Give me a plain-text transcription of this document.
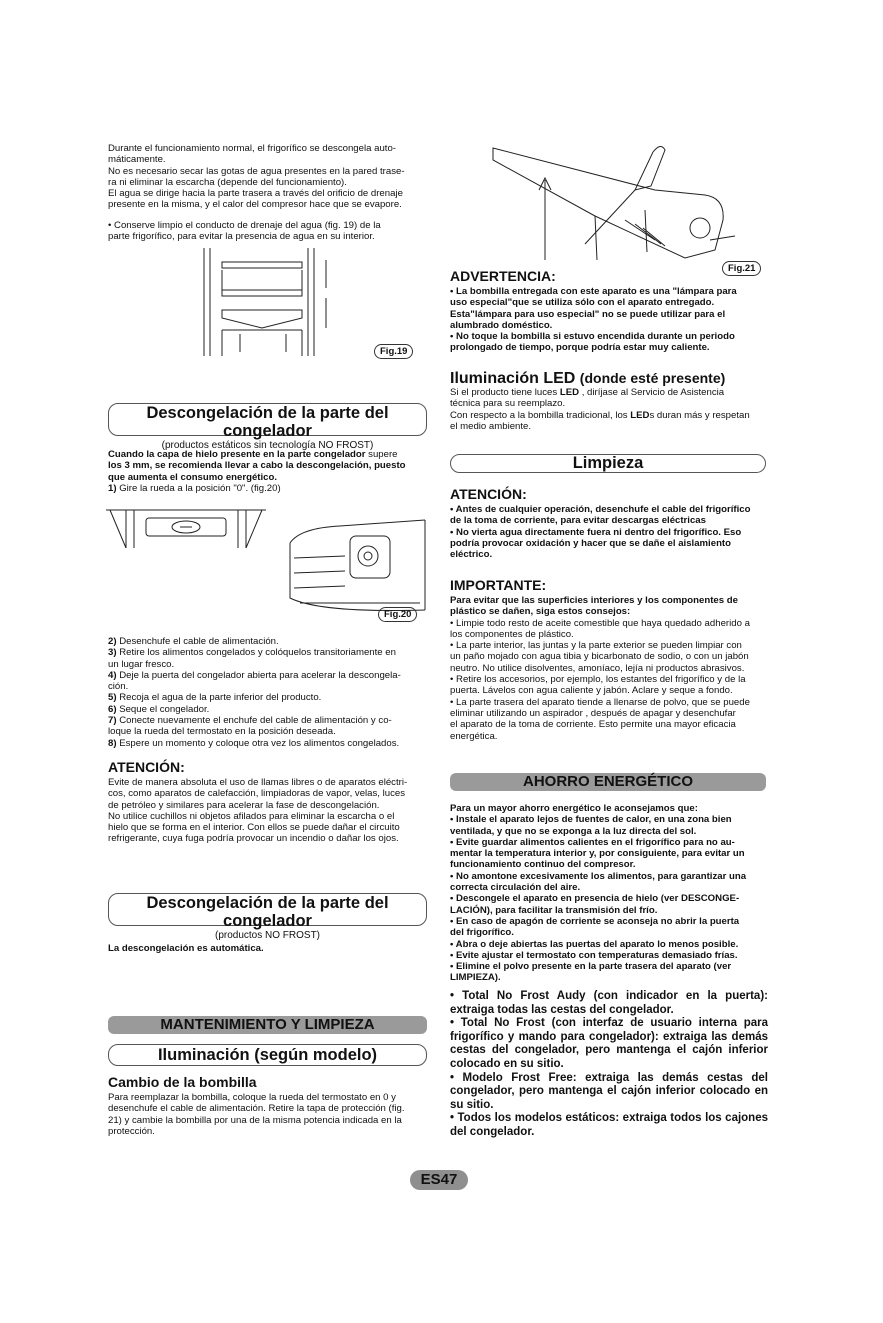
Durante el funcionamiento normal, el frigorífico se descongela auto-

máticamente.

No es necesario secar las gotas de agua presentes en la pared trase-

ra ni eliminar la escarcha (depende del funcionamiento).

El agua se dirige hacia la parte trasera a través del orificio de drenaje

presente en la misma, y el calor del compresor hace que se evapore.

• Conserve limpio el conducto de drenaje del agua (fig. 19) de la

parte frigorífico, para evitar la presencia de agua en su interior.

Fig.19
Descongelación de la parte del congelador
(productos estáticos sin tecnología NO FROST)

Cuando la capa de hielo presente en la parte congelador supere

los 3 mm, se recomienda llevar a cabo la descongelación, puesto

que aumenta el consumo energético.

1) Gire la rueda a la posición "0". (fig.20)

Fig.20

2) Desenchufe el cable de alimentación.

3) Retire los alimentos congelados y colóquelos transitoriamente en

un lugar fresco.

4) Deje la puerta del congelador abierta para acelerar la descongela-

ción.

5) Recoja el agua de la parte inferior del producto.

6) Seque el congelador.

7) Conecte nuevamente el enchufe del cable de alimentación y co-

loque la rueda del termostato en la posición deseada.

8) Espere un momento y coloque otra vez los alimentos congelados.

ATENCIÓN:

Evite de manera absoluta el uso de llamas libres o de aparatos eléctri-

cos, como aparatos de calefacción, limpiadoras de vapor, velas, luces

de petróleo y similares para acelerar la fase de descongelación.

No utilice cuchillos ni objetos afilados para eliminar la escarcha o el

hielo que se forma en el interior. Con ellos se puede dañar el circuito

refrigerante, cuya fuga podría provocar un incendio o dañar los ojos.

Descongelación de la parte del congelador
(productos NO FROST)
La descongelación es automática.
MANTENIMIENTO Y LIMPIEZA
Iluminación (según modelo)

Cambio de la bombilla

Para reemplazar la bombilla, coloque la rueda del termostato en 0 y

desenchufe el cable de alimentación. Retire la tapa de protección (fig.

21) y cambie la bombilla por una de la misma potencia indicada en la

protección.

Fig.21

ADVERTENCIA:

• La bombilla entregada con este aparato es una "lámpara para

uso especial"que se utiliza sólo con el aparato entregado.

Esta"lámpara para uso especial" no se puede utilizar para el

alumbrado doméstico.

• No toque la bombilla si estuvo encendida durante un periodo

prolongado de tiempo, porque podría estar muy caliente.

Iluminación LED (donde esté presente)

Si el producto tiene luces LED , diríjase al Servicio de Asistencia

técnica para su reemplazo.

Con respecto a la bombilla tradicional, los LEDs duran más y respetan

el medio ambiente.

Limpieza

ATENCIÓN:

• Antes de cualquier operación, desenchufe el cable del frigorífico

de la toma de corriente, para evitar descargas eléctricas

• No vierta agua directamente fuera ni dentro del frigorífico. Eso

podría provocar oxidación y hacer que se dañe el aislamiento

eléctrico.

IMPORTANTE:

Para evitar que las superficies interiores y los componentes de

plástico se dañen, siga estos consejos:

• Limpie todo resto de aceite comestible que haya quedado adherido a

los componentes de plástico.

• La parte interior, las juntas y la parte exterior se pueden limpiar con

un paño mojado con agua tibia y bicarbonato de sodio, o con un jabón

neutro. No utilice disolventes, amoníaco, lejía ni productos abrasivos.

• Retire los accesorios, por ejemplo, los estantes del frigorífico y de la

puerta. Lávelos con agua caliente y jabón. Aclare y seque a fondo.

• La parte trasera del aparato tiende a llenarse de polvo, que se puede

eliminar utilizando un aspirador , después de apagar y desenchufar

el aparato de la toma de corriente. Esto permite una mayor eficacia

energética.

AHORRO ENERGÉTICO

Para un mayor ahorro energético le aconsejamos que:

• Instale el aparato lejos de fuentes de calor, en una zona bien

ventilada, y que no se exponga a la luz directa del sol.

• Evite guardar alimentos calientes en el frigorífico para no au-

mentar la temperatura interior y, por consiguiente, para evitar un

funcionamiento continuo del compresor.

• No amontone excesivamente los alimentos, para garantizar una

correcta circulación del aire.

• Descongele el aparato en presencia de hielo (ver DESCONGE-

LACIÓN), para facilitar la transmisión del frío.

• En caso de apagón de corriente se aconseja no abrir la puerta

del frigorífico.

• Abra o deje abiertas las puertas del aparato lo menos posible.

• Evite ajustar el termostato con temperaturas demasiado frías.

• Elimine el polvo presente en la parte trasera del aparato (ver

LIMPIEZA).

• Total No Frost Audy (con indicador en la puerta): extraiga todas las cestas del congelador.

• Total No Frost (con interfaz de usuario interna para frigorífico y mando para congelador): extraiga las demás cestas del congelador, pero mantenga el cajón inferior colocado en su sitio.

• Modelo Frost Free: extraiga las demás cestas del congelador, pero mantenga el cajón inferior colocado en su sitio.

• Todos los modelos estáticos: extraiga todos los cajones del congelador.

ES47
